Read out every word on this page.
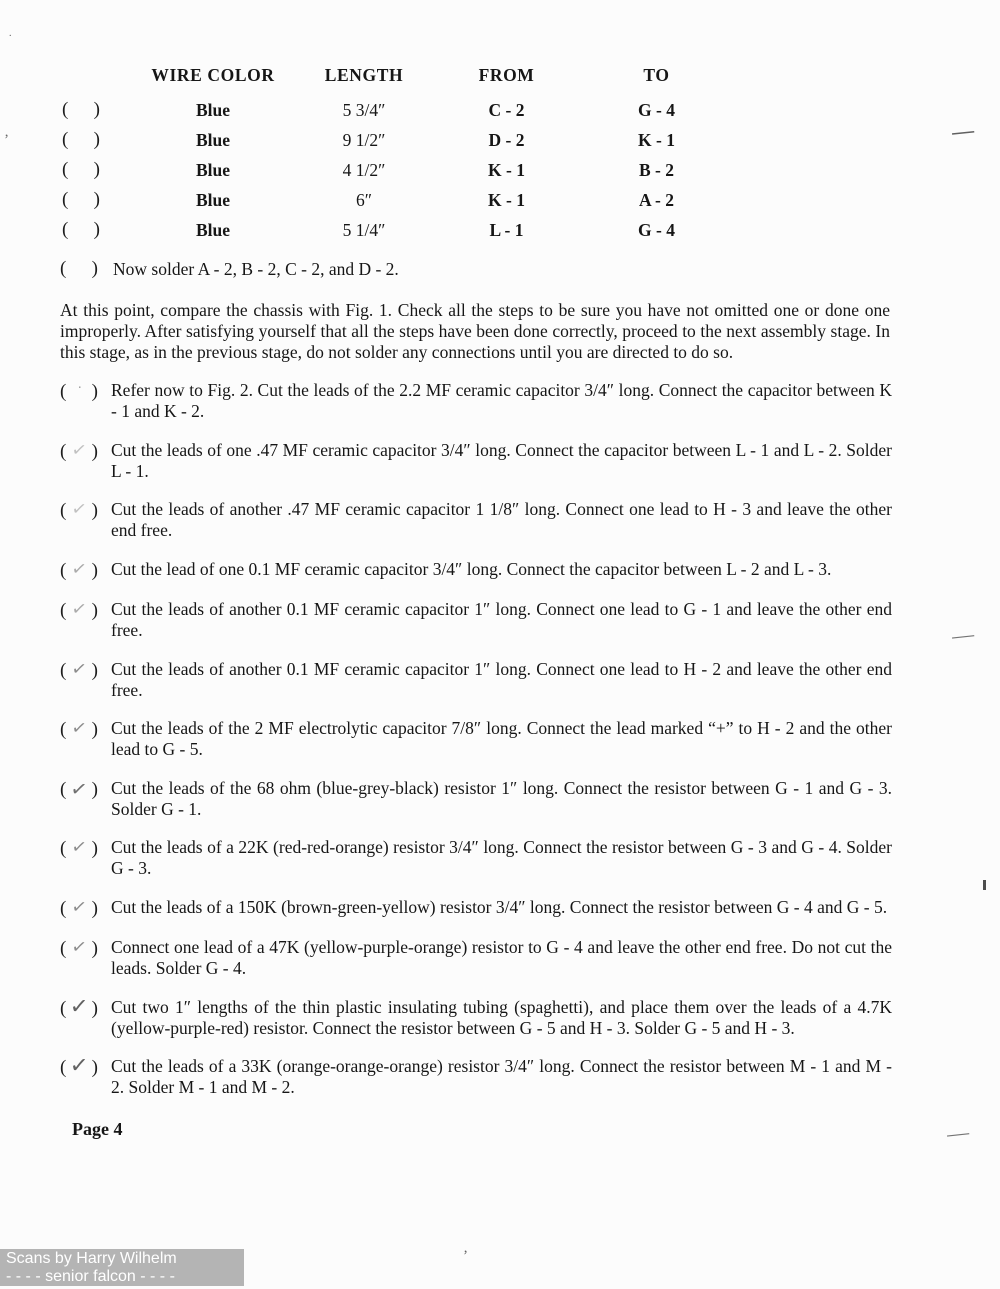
WIRE COLOR	LENGTH	FROM	TO
( )	Blue	5 3/4″	C - 2	G - 4
( )	Blue	9 1/2″	D - 2	K - 1
( )	Blue	4 1/2″	K - 1	B - 2
( )	Blue	6″	K - 1	A - 2
( )	Blue	5 1/4″	L - 1	G - 4
( ) Now solder A - 2, B - 2, C - 2, and D - 2.
At this point, compare the chassis with Fig. 1. Check all the steps to be sure you have not omitted one or done one improperly. After satisfying yourself that all the steps have been done correctly, proceed to the next assembly stage. In this stage, as in the previous stage, do not solder any connections until you are directed to do so.
( · ) Refer now to Fig. 2. Cut the leads of the 2.2 MF ceramic capacitor 3/4″ long. Connect the capacitor between K - 1 and K - 2.
( ✓ ) Cut the leads of one .47 MF ceramic capacitor 3/4″ long. Connect the capacitor between L - 1 and L - 2. Solder L - 1.
( ✓ ) Cut the leads of another .47 MF ceramic capacitor 1 1/8″ long. Connect one lead to H - 3 and leave the other end free.
( ✓ ) Cut the lead of one 0.1 MF ceramic capacitor 3/4″ long. Connect the capacitor between L - 2 and L - 3.
( ✓ ) Cut the leads of another 0.1 MF ceramic capacitor 1″ long. Connect one lead to G - 1 and leave the other end free.
( ✓ ) Cut the leads of another 0.1 MF ceramic capacitor 1″ long. Connect one lead to H - 2 and leave the other end free.
( ✓ ) Cut the leads of the 2 MF electrolytic capacitor 7/8″ long. Connect the lead marked “+” to H - 2 and the other lead to G - 5.
( ✓ ) Cut the leads of the 68 ohm (blue-grey-black) resistor 1″ long. Connect the resistor between G - 1 and G - 3. Solder G - 1.
( ✓ ) Cut the leads of a 22K (red-red-orange) resistor 3/4″ long. Connect the resistor between G - 3 and G - 4. Solder G - 3.
( ✓ ) Cut the leads of a 150K (brown-green-yellow) resistor 3/4″ long. Connect the resistor between G - 4 and G - 5.
( ✓ ) Connect one lead of a 47K (yellow-purple-orange) resistor to G - 4 and leave the other end free. Do not cut the leads. Solder G - 4.
( ✓ ) Cut two 1″ lengths of the thin plastic insulating tubing (spaghetti), and place them over the leads of a 4.7K (yellow-purple-red) resistor. Connect the resistor between G - 5 and H - 3. Solder G - 5 and H - 3.
( ✓ ) Cut the leads of a 33K (orange-orange-orange) resistor 3/4″ long. Connect the resistor between M - 1 and M - 2. Solder M - 1 and M - 2.
Page 4
Scans by Harry Wilhelm
- - - - senior falcon - - - -
.
’	—
—
—
’
